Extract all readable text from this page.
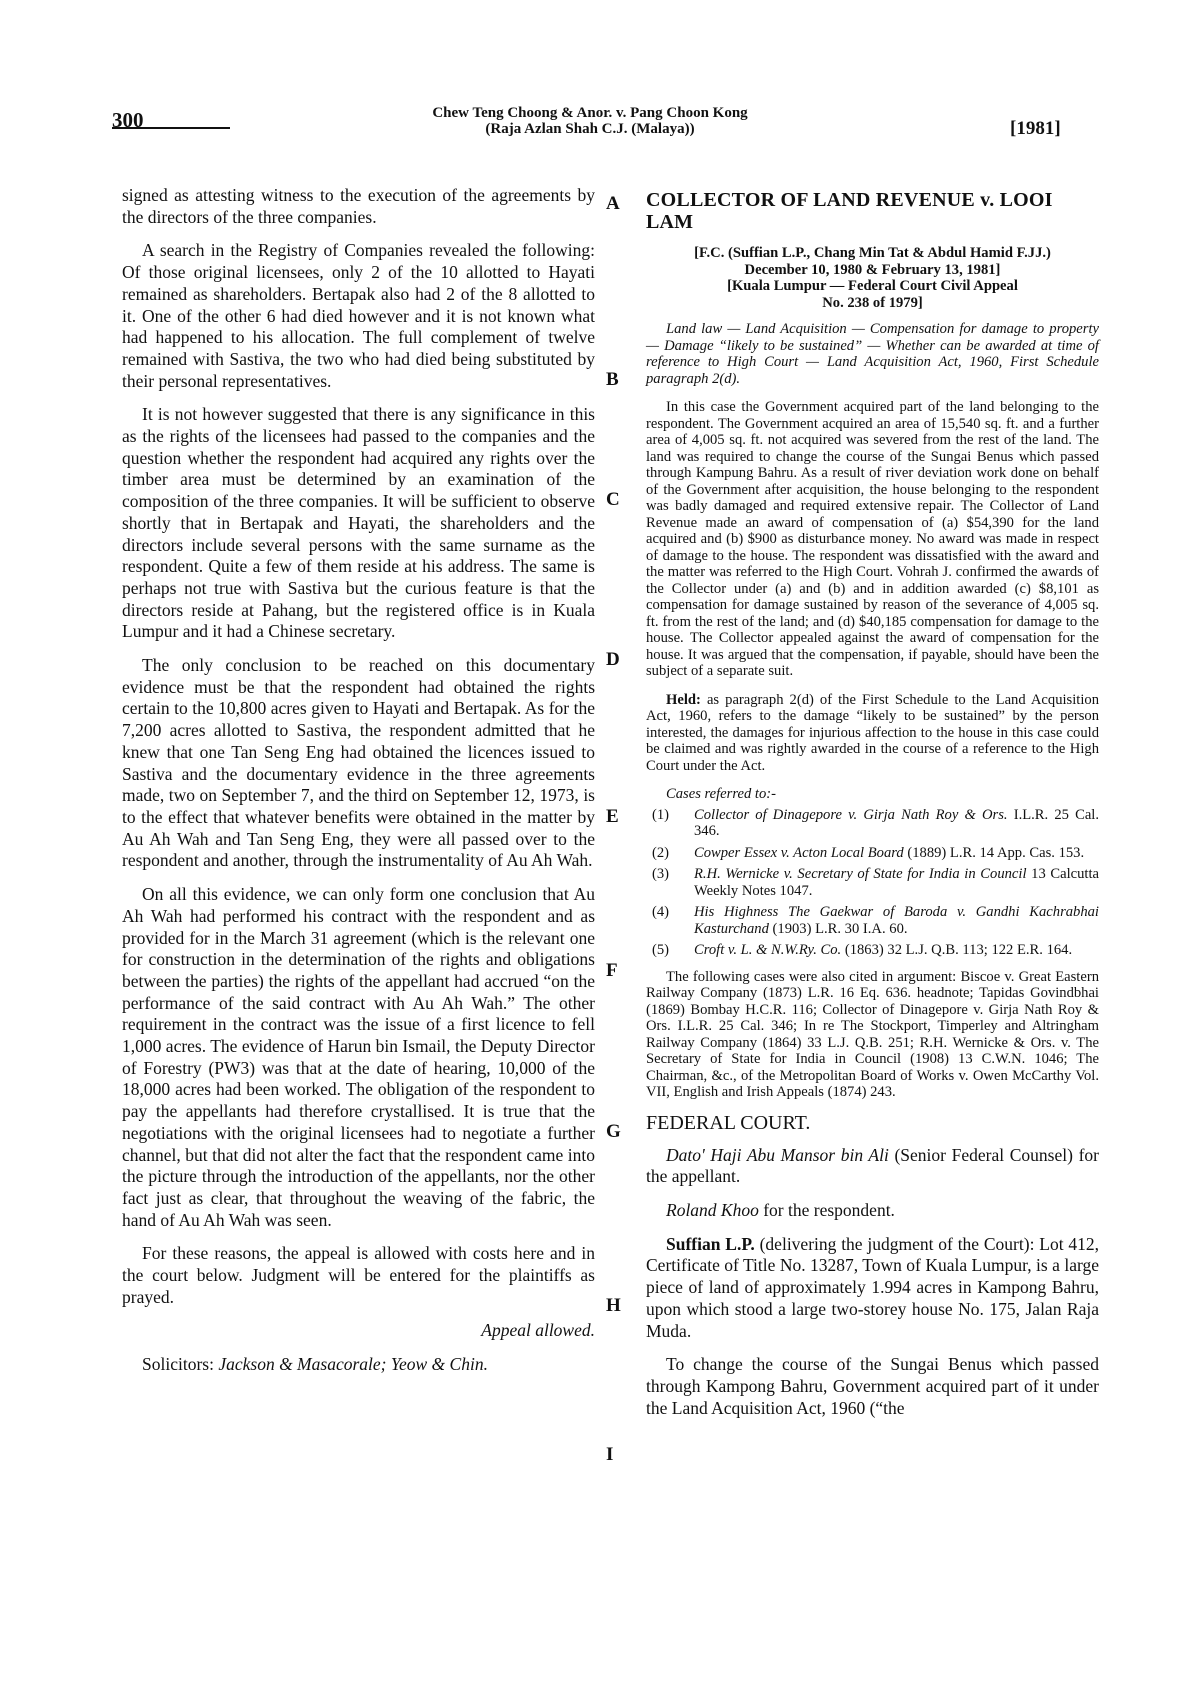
300	Chew Teng Choong & Anor. v. Pang Choon Kong
(Raja Azlan Shah C.J. (Malaya))	[1981]

signed as attesting witness to the execution of the agreements by the directors of the three companies.

A search in the Registry of Companies revealed the following: Of those original licensees, only 2 of the 10 allotted to Hayati remained as shareholders. Bertapak also had 2 of the 8 allotted to it. One of the other 6 had died however and it is not known what had happened to his allocation. The full complement of twelve remained with Sastiva, the two who had died being substituted by their personal representatives.

It is not however suggested that there is any significance in this as the rights of the licensees had passed to the companies and the question whether the respondent had acquired any rights over the timber area must be determined by an examination of the composition of the three companies. It will be sufficient to observe shortly that in Bertapak and Hayati, the shareholders and the directors include several persons with the same surname as the respondent. Quite a few of them reside at his address. The same is perhaps not true with Sastiva but the curious feature is that the directors reside at Pahang, but the registered office is in Kuala Lumpur and it had a Chinese secretary.

The only conclusion to be reached on this documentary evidence must be that the respondent had obtained the rights certain to the 10,800 acres given to Hayati and Bertapak. As for the 7,200 acres allotted to Sastiva, the respondent admitted that he knew that one Tan Seng Eng had obtained the licences issued to Sastiva and the documentary evidence in the three agreements made, two on September 7, and the third on September 12, 1973, is to the effect that whatever benefits were obtained in the matter by Au Ah Wah and Tan Seng Eng, they were all passed over to the respondent and another, through the instrumentality of Au Ah Wah.

On all this evidence, we can only form one conclusion that Au Ah Wah had performed his contract with the respondent and as provided for in the March 31 agreement (which is the relevant one for construction in the determination of the rights and obligations between the parties) the rights of the appellant had accrued “on the performance of the said contract with Au Ah Wah.” The other requirement in the contract was the issue of a first licence to fell 1,000 acres. The evidence of Harun bin Ismail, the Deputy Director of Forestry (PW3) was that at the date of hearing, 10,000 of the 18,000 acres had been worked. The obligation of the respondent to pay the appellants had therefore crystallised. It is true that the negotiations with the original licensees had to negotiate a further channel, but that did not alter the fact that the respondent came into the picture through the introduction of the appellants, nor the other fact just as clear, that throughout the weaving of the fabric, the hand of Au Ah Wah was seen.

For these reasons, the appeal is allowed with costs here and in the court below. Judgment will be entered for the plaintiffs as prayed.

Appeal allowed.

Solicitors: Jackson & Masacorale; Yeow & Chin.

A
B
C
D
E
F
G
H
I
COLLECTOR OF LAND REVENUE v. LOOI LAM
[F.C. (Suffian L.P., Chang Min Tat & Abdul Hamid F.JJ.)
December 10, 1980 & February 13, 1981]
[Kuala Lumpur — Federal Court Civil Appeal
No. 238 of 1979]

Land law — Land Acquisition — Compensation for damage to property — Damage “likely to be sustained” — Whether can be awarded at time of reference to High Court — Land Acquisition Act, 1960, First Schedule paragraph 2(d).

In this case the Government acquired part of the land belonging to the respondent. The Government acquired an area of 15,540 sq. ft. and a further area of 4,005 sq. ft. not acquired was severed from the rest of the land. The land was required to change the course of the Sungai Benus which passed through Kampung Bahru. As a result of river deviation work done on behalf of the Government after acquisition, the house belonging to the respondent was badly damaged and required extensive repair. The Collector of Land Revenue made an award of compensation of (a) $54,390 for the land acquired and (b) $900 as disturbance money. No award was made in respect of damage to the house. The respondent was dissatisfied with the award and the matter was referred to the High Court. Vohrah J. confirmed the awards of the Collector under (a) and (b) and in addition awarded (c) $8,101 as compensation for damage sustained by reason of the severance of 4,005 sq. ft. from the rest of the land; and (d) $40,185 compensation for damage to the house. The Collector appealed against the award of compensation for the house. It was argued that the compensation, if payable, should have been the subject of a separate suit.

Held: as paragraph 2(d) of the First Schedule to the Land Acquisition Act, 1960, refers to the damage “likely to be sustained” by the person interested, the damages for injurious affection to the house in this case could be claimed and was rightly awarded in the course of a reference to the High Court under the Act.

Cases referred to:-
(1)	Collector of Dinagepore v. Girja Nath Roy & Ors. I.L.R. 25 Cal. 346.
(2)	Cowper Essex v. Acton Local Board (1889) L.R. 14 App. Cas. 153.
(3)	R.H. Wernicke v. Secretary of State for India in Council 13 Calcutta Weekly Notes 1047.
(4)	His Highness The Gaekwar of Baroda v. Gandhi Kachrabhai Kasturchand (1903) L.R. 30 I.A. 60.
(5)	Croft v. L. & N.W.Ry. Co. (1863) 32 L.J. Q.B. 113; 122 E.R. 164.

The following cases were also cited in argument: Biscoe v. Great Eastern Railway Company (1873) L.R. 16 Eq. 636. headnote; Tapidas Govindbhai (1869) Bombay H.C.R. 116; Collector of Dinagepore v. Girja Nath Roy & Ors. I.L.R. 25 Cal. 346; In re The Stockport, Timperley and Altringham Railway Company (1864) 33 L.J. Q.B. 251; R.H. Wernicke & Ors. v. The Secretary of State for India in Council (1908) 13 C.W.N. 1046; The Chairman, &c., of the Metropolitan Board of Works v. Owen McCarthy Vol. VII, English and Irish Appeals (1874) 243.

FEDERAL COURT.

Dato' Haji Abu Mansor bin Ali (Senior Federal Counsel) for the appellant.

Roland Khoo for the respondent.

Suffian L.P. (delivering the judgment of the Court): Lot 412, Certificate of Title No. 13287, Town of Kuala Lumpur, is a large piece of land of approximately 1.994 acres in Kampong Bahru, upon which stood a large two-storey house No. 175, Jalan Raja Muda.

To change the course of the Sungai Benus which passed through Kampong Bahru, Government acquired part of it under the Land Acquisition Act, 1960 (“the
